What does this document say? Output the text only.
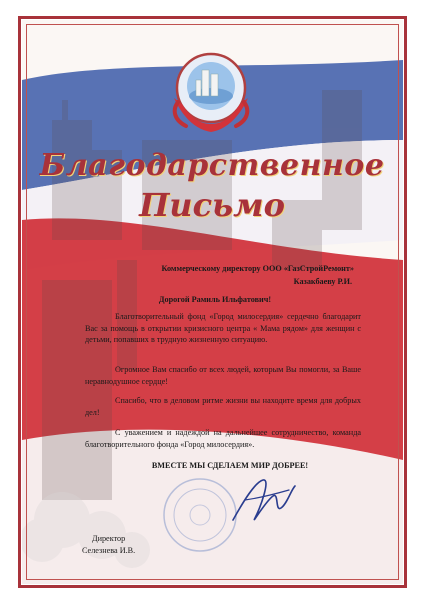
Благодарственное
Письмо
Коммерческому директору ООО «ГазСтройРемонт»
Казакбаеву Р.И.
Дорогой Рамиль Ильфатович!
Благотворительный фонд «Город милосердия» сердечно благодарит Вас за помощь в открытии кризисного центра « Мама рядом» для женщин с детьми, попавших в трудную жизненную ситуацию.
Огромное Вам спасибо от всех людей, которым Вы помогли, за Ваше неравнодушное сердце!
Спасибо, что в деловом ритме жизни вы находите время для добрых дел!
С уважением и надеждой на дальнейшее сотрудничество, команда благотворительного фонда «Город милосердия».
ВМЕСТЕ МЫ СДЕЛАЕМ МИР ДОБРЕЕ!
Директор
Селезнева И.В.
